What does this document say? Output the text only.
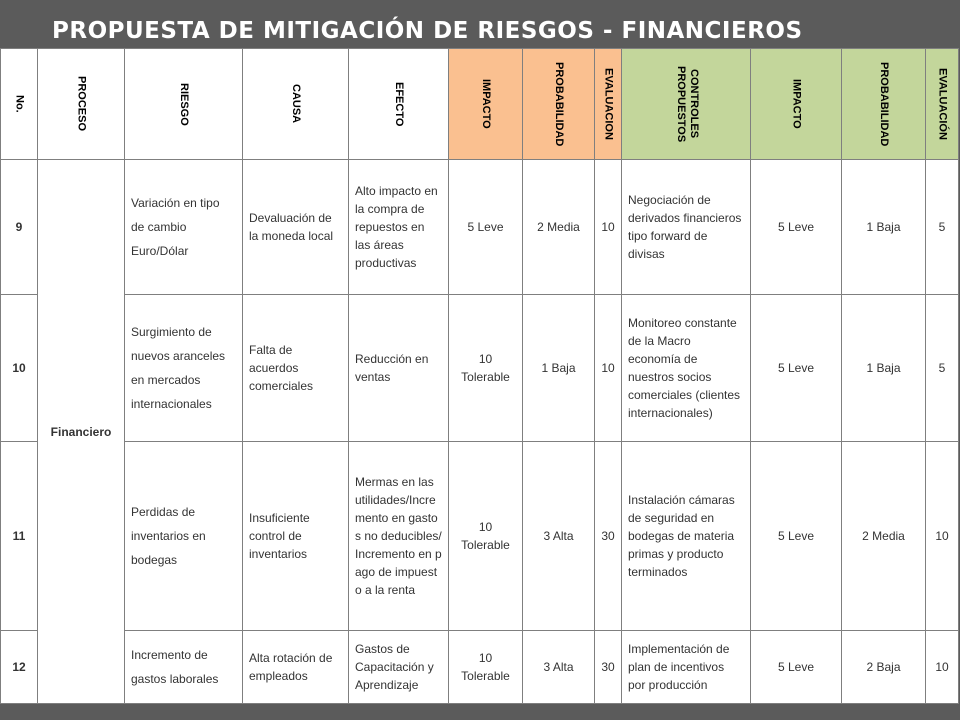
PROPUESTA DE MITIGACIÓN DE RIESGOS - FINANCIEROS
No.	PROCESO	RIESGO	CAUSA	EFECTO	IMPACTO	PROBABILIDAD	EVALUACION	CONTROLES PROPUESTOS	IMPACTO	PROBABILIDAD	EVALUACIÓN

9	Financiero	Variación en tipo de cambio Euro/Dólar	Devaluación de la moneda local	Alto impacto en la compra de repuestos en las áreas productivas	5 Leve	2 Media	10	Negociación de derivados financieros tipo forward de divisas	5 Leve	1 Baja	5
10		Surgimiento de nuevos aranceles en mercados internacionales	Falta de acuerdos comerciales	Reducción en ventas	10 Tolerable	1 Baja	10	Monitoreo constante de la Macro economía de nuestros socios comerciales (clientes internacionales)	5 Leve	1 Baja	5
11		Perdidas de inventarios en bodegas	Insuficiente control de inventarios	Mermas en las utilidades/Incremento en gastos no deducibles/Incremento en pago de impuesto a la renta	10 Tolerable	3 Alta	30	Instalación cámaras de seguridad en bodegas de materia primas y producto terminados	5 Leve	2 Media	10
12		Incremento de gastos laborales	Alta rotación de empleados	Gastos de Capacitación y Aprendizaje	10 Tolerable	3 Alta	30	Implementación de plan de incentivos por producción	5 Leve	2 Baja	10
